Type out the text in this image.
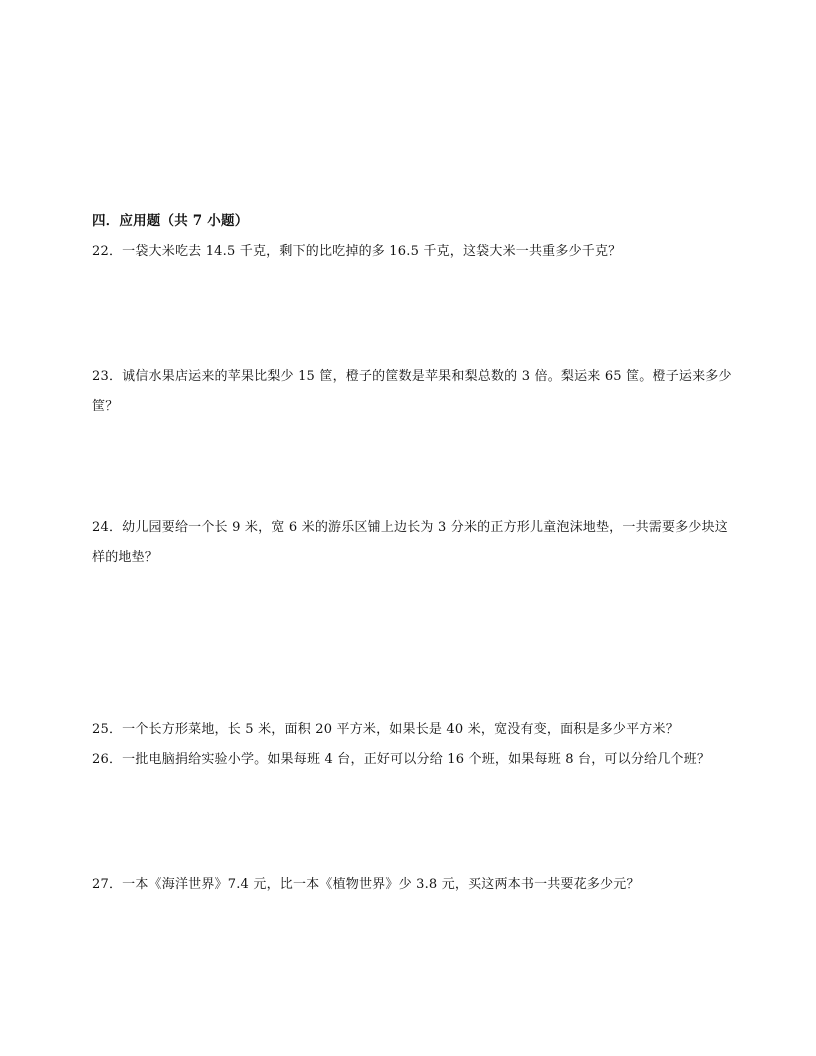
四．应用题（共 7 小题）

22．一袋大米吃去 14.5 千克，剩下的比吃掉的多 16.5 千克，这袋大米一共重多少千克？

23．诚信水果店运来的苹果比梨少 15 筐，橙子的筐数是苹果和梨总数的 3 倍。梨运来 65 筐。橙子运来多少筐？

24．幼儿园要给一个长 9 米，宽 6 米的游乐区铺上边长为 3 分米的正方形儿童泡沫地垫，一共需要多少块这样的地垫？

25．一个长方形菜地，长 5 米，面积 20 平方米，如果长是 40 米，宽没有变，面积是多少平方米？

26．一批电脑捐给实验小学。如果每班 4 台，正好可以分给 16 个班，如果每班 8 台，可以分给几个班？

27．一本《海洋世界》7.4 元，比一本《植物世界》少 3.8 元，买这两本书一共要花多少元？
